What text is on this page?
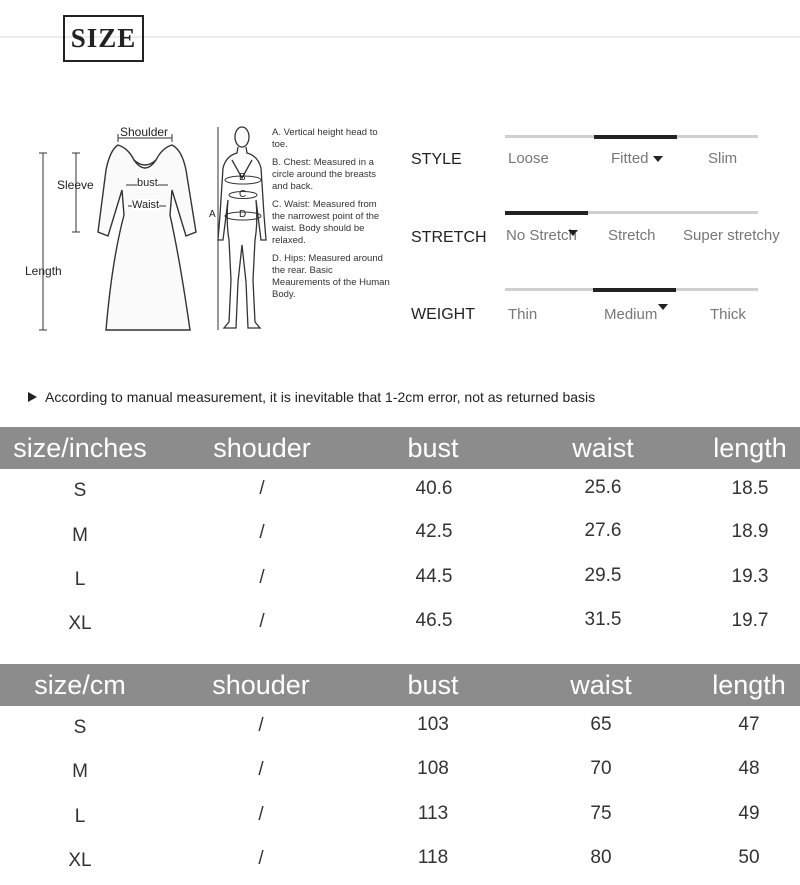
SIZE
Shoulder
Sleeve
Length
bust
Waist
A
B
C
D

A. Vertical height head to toe.

B. Chest: Measured in a circle around the breasts and back.

C. Waist: Measured from the narrowest point of the waist. Body should be relaxed.

D. Hips: Measured around the rear. Basic Meaurements of the Human Body.

STYLE	Loose	Fitted	Slim
STRETCH No Stretch Stretch Super stretchy
WEIGHT Thin	Medium	Thick
According to manual measurement, it is inevitable that 1-2cm error, not as returned basis
size/inches	shouder	bust	waist	length
S	/	40.6	25.6	18.5
M	/	42.5	27.6	18.9
L	/	44.5	29.5	19.3
XL	/	46.5	31.5	19.7
size/cm	shouder	bust	waist	length
S	/	103	65	47
M	/	108	70	48
L	/	113	75	49
XL	/	118	80	50
